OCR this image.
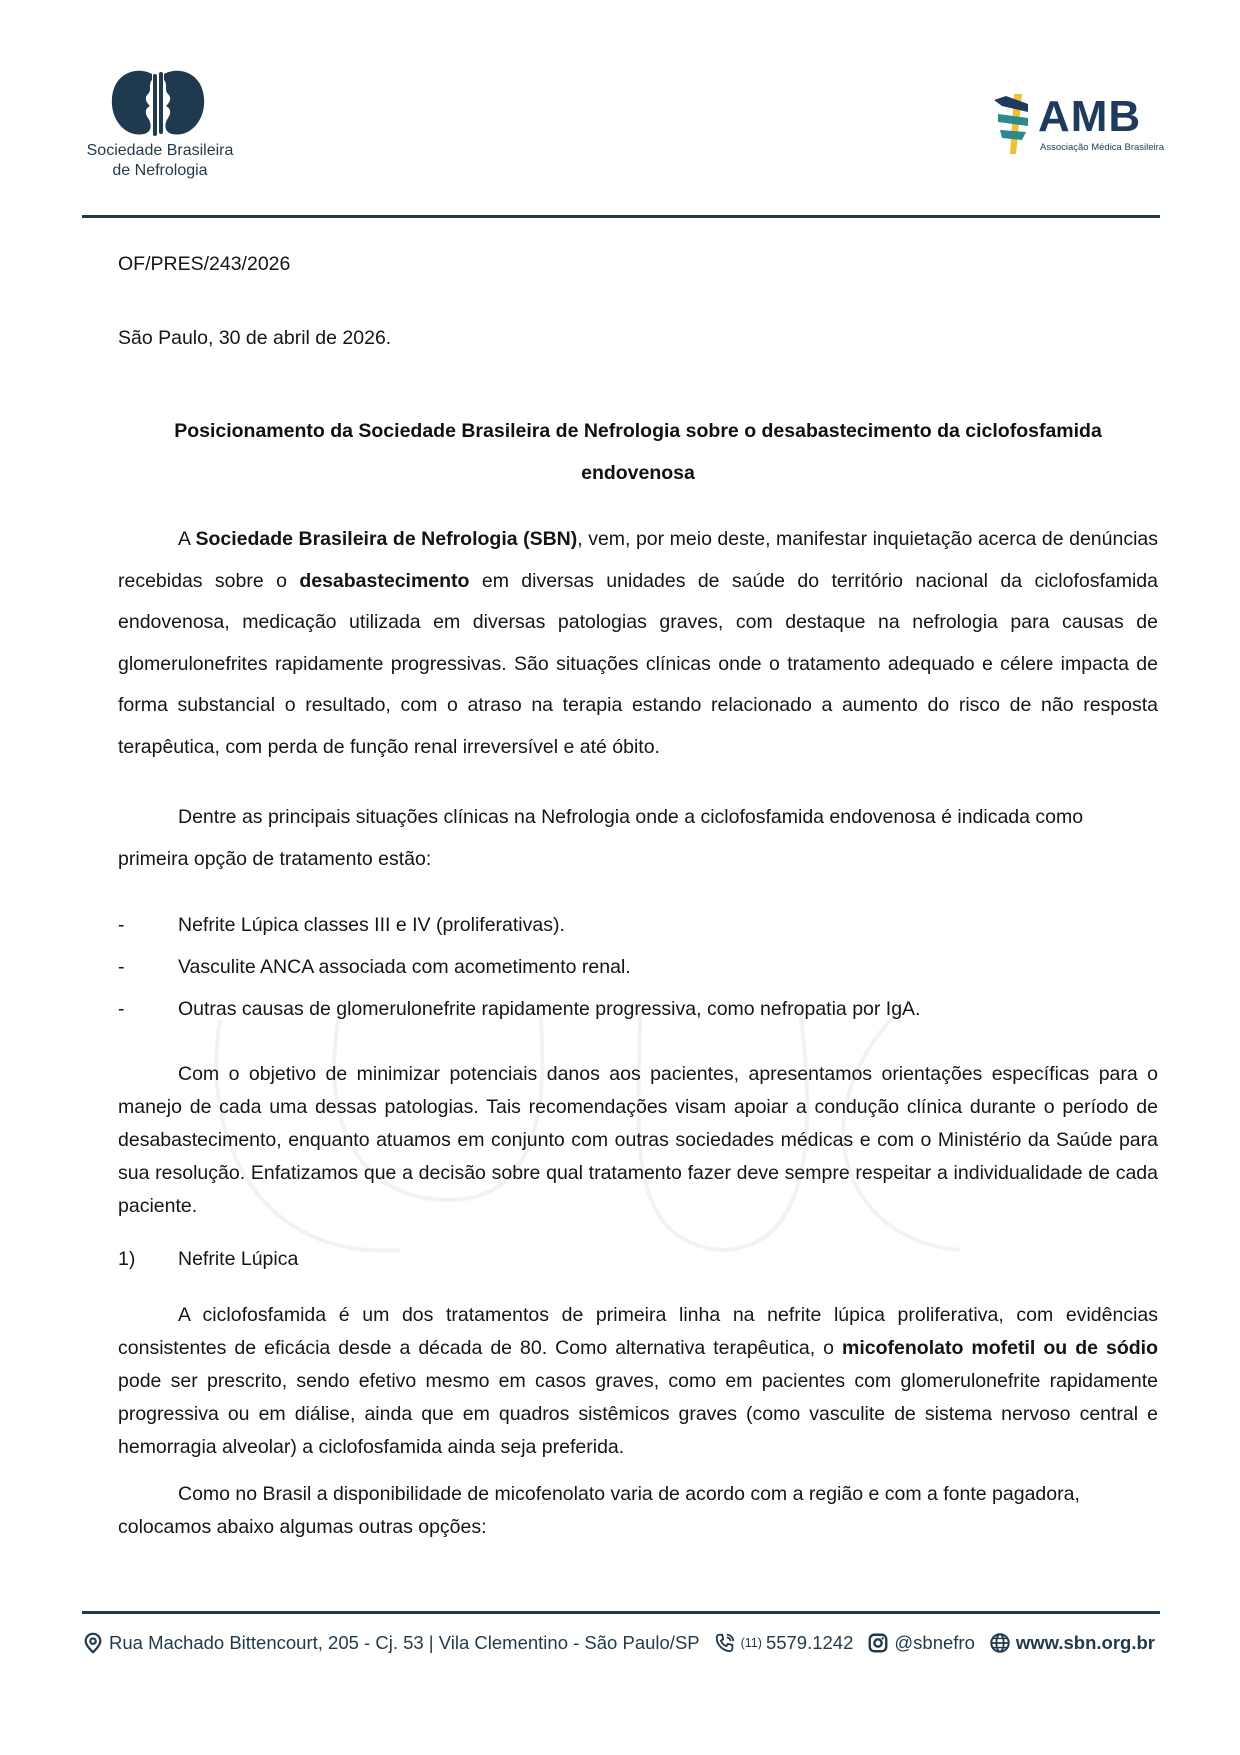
Sociedade Brasileira
de Nefrologia
AMB
Associação Médica Brasileira
OF/PRES/243/2026
São Paulo, 30 de abril de 2026.
Posicionamento da Sociedade Brasileira de Nefrologia sobre o desabastecimento da ciclofosfamida
endovenosa
A Sociedade Brasileira de Nefrologia (SBN), vem, por meio deste, manifestar inquietação acerca de denúncias recebidas sobre o desabastecimento em diversas unidades de saúde do território nacional da ciclofosfamida endovenosa, medicação utilizada em diversas patologias graves, com destaque na nefrologia para causas de glomerulonefrites rapidamente progressivas. São situações clínicas onde o tratamento adequado e célere impacta de forma substancial o resultado, com o atraso na terapia estando relacionado a aumento do risco de não resposta terapêutica, com perda de função renal irreversível e até óbito.
Dentre as principais situações clínicas na Nefrologia onde a ciclofosfamida endovenosa é indicada como primeira opção de tratamento estão:
-	Nefrite Lúpica classes III e IV (proliferativas).
-	Vasculite ANCA associada com acometimento renal.
-	Outras causas de glomerulonefrite rapidamente progressiva, como nefropatia por IgA.
Com o objetivo de minimizar potenciais danos aos pacientes, apresentamos orientações específicas para o manejo de cada uma dessas patologias. Tais recomendações visam apoiar a condução clínica durante o período de desabastecimento, enquanto atuamos em conjunto com outras sociedades médicas e com o Ministério da Saúde para sua resolução. Enfatizamos que a decisão sobre qual tratamento fazer deve sempre respeitar a individualidade de cada paciente.
1) Nefrite Lúpica
A ciclofosfamida é um dos tratamentos de primeira linha na nefrite lúpica proliferativa, com evidências consistentes de eficácia desde a década de 80. Como alternativa terapêutica, o micofenolato mofetil ou de sódio pode ser prescrito, sendo efetivo mesmo em casos graves, como em pacientes com glomerulonefrite rapidamente progressiva ou em diálise, ainda que em quadros sistêmicos graves (como vasculite de sistema nervoso central e hemorragia alveolar) a ciclofosfamida ainda seja preferida.
Como no Brasil a disponibilidade de micofenolato varia de acordo com a região e com a fonte pagadora, colocamos abaixo algumas outras opções:
Rua Machado Bittencourt, 205 - Cj. 53 | Vila Clementino - São Paulo/SP	(11) 5579.1242 @sbnefro www.sbn.org.br
